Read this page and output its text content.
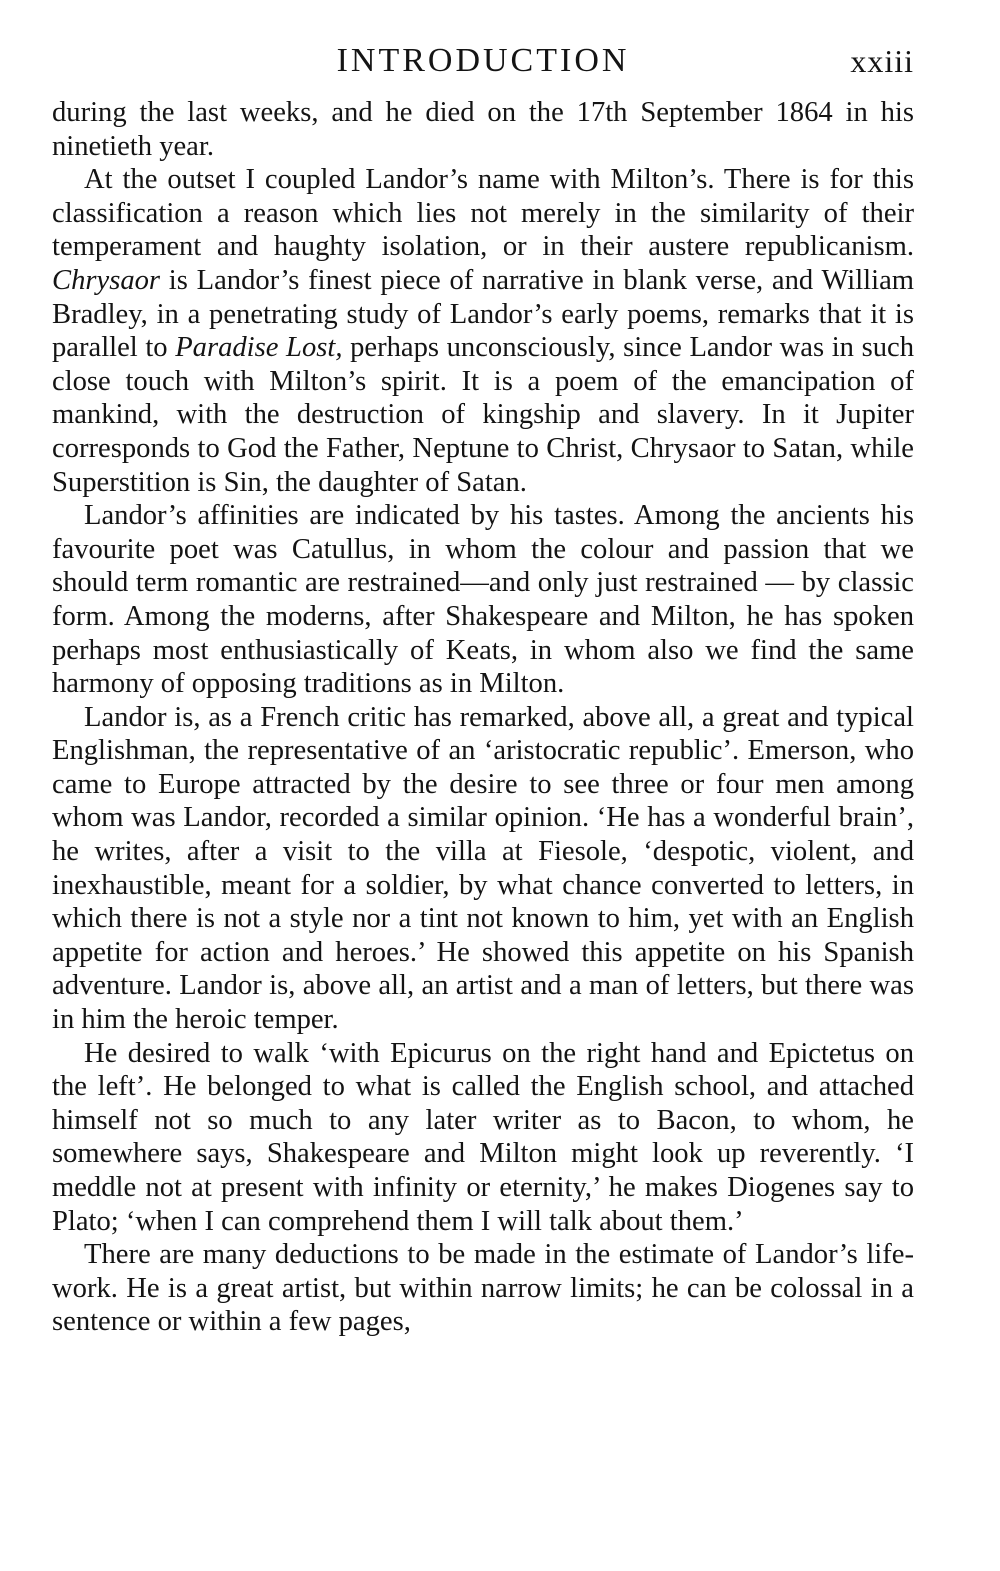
INTRODUCTION	xxiii

during the last weeks, and he died on the 17th September 1864 in his ninetieth year.

At the outset I coupled Landor’s name with Milton’s. There is for this classification a reason which lies not merely in the similarity of their temperament and haughty isolation, or in their austere republicanism. Chrysaor is Landor’s finest piece of narrative in blank verse, and William Bradley, in a penetrating study of Landor’s early poems, remarks that it is parallel to Paradise Lost, perhaps unconsciously, since Landor was in such close touch with Milton’s spirit. It is a poem of the emancipation of mankind, with the destruction of kingship and slavery. In it Jupiter corresponds to God the Father, Neptune to Christ, Chrysaor to Satan, while Superstition is Sin, the daughter of Satan.

Landor’s affinities are indicated by his tastes. Among the ancients his favourite poet was Catullus, in whom the colour and passion that we should term romantic are restrained—and only just restrained — by classic form. Among the moderns, after Shakespeare and Milton, he has spoken perhaps most enthusiastically of Keats, in whom also we find the same harmony of opposing traditions as in Milton.

Landor is, as a French critic has remarked, above all, a great and typical Englishman, the representative of an ‘aristocratic republic’. Emerson, who came to Europe attracted by the desire to see three or four men among whom was Landor, recorded a similar opinion. ‘He has a wonderful brain’, he writes, after a visit to the villa at Fiesole, ‘despotic, violent, and inexhaustible, meant for a soldier, by what chance converted to letters, in which there is not a style nor a tint not known to him, yet with an English appetite for action and heroes.’ He showed this appetite on his Spanish adventure. Landor is, above all, an artist and a man of letters, but there was in him the heroic temper.

He desired to walk ‘with Epicurus on the right hand and Epictetus on the left’. He belonged to what is called the English school, and attached himself not so much to any later writer as to Bacon, to whom, he somewhere says, Shakespeare and Milton might look up reverently. ‘I meddle not at present with infinity or eternity,’ he makes Diogenes say to Plato; ‘when I can comprehend them I will talk about them.’

There are many deductions to be made in the estimate of Landor’s life-work. He is a great artist, but within narrow limits; he can be colossal in a sentence or within a few pages,
